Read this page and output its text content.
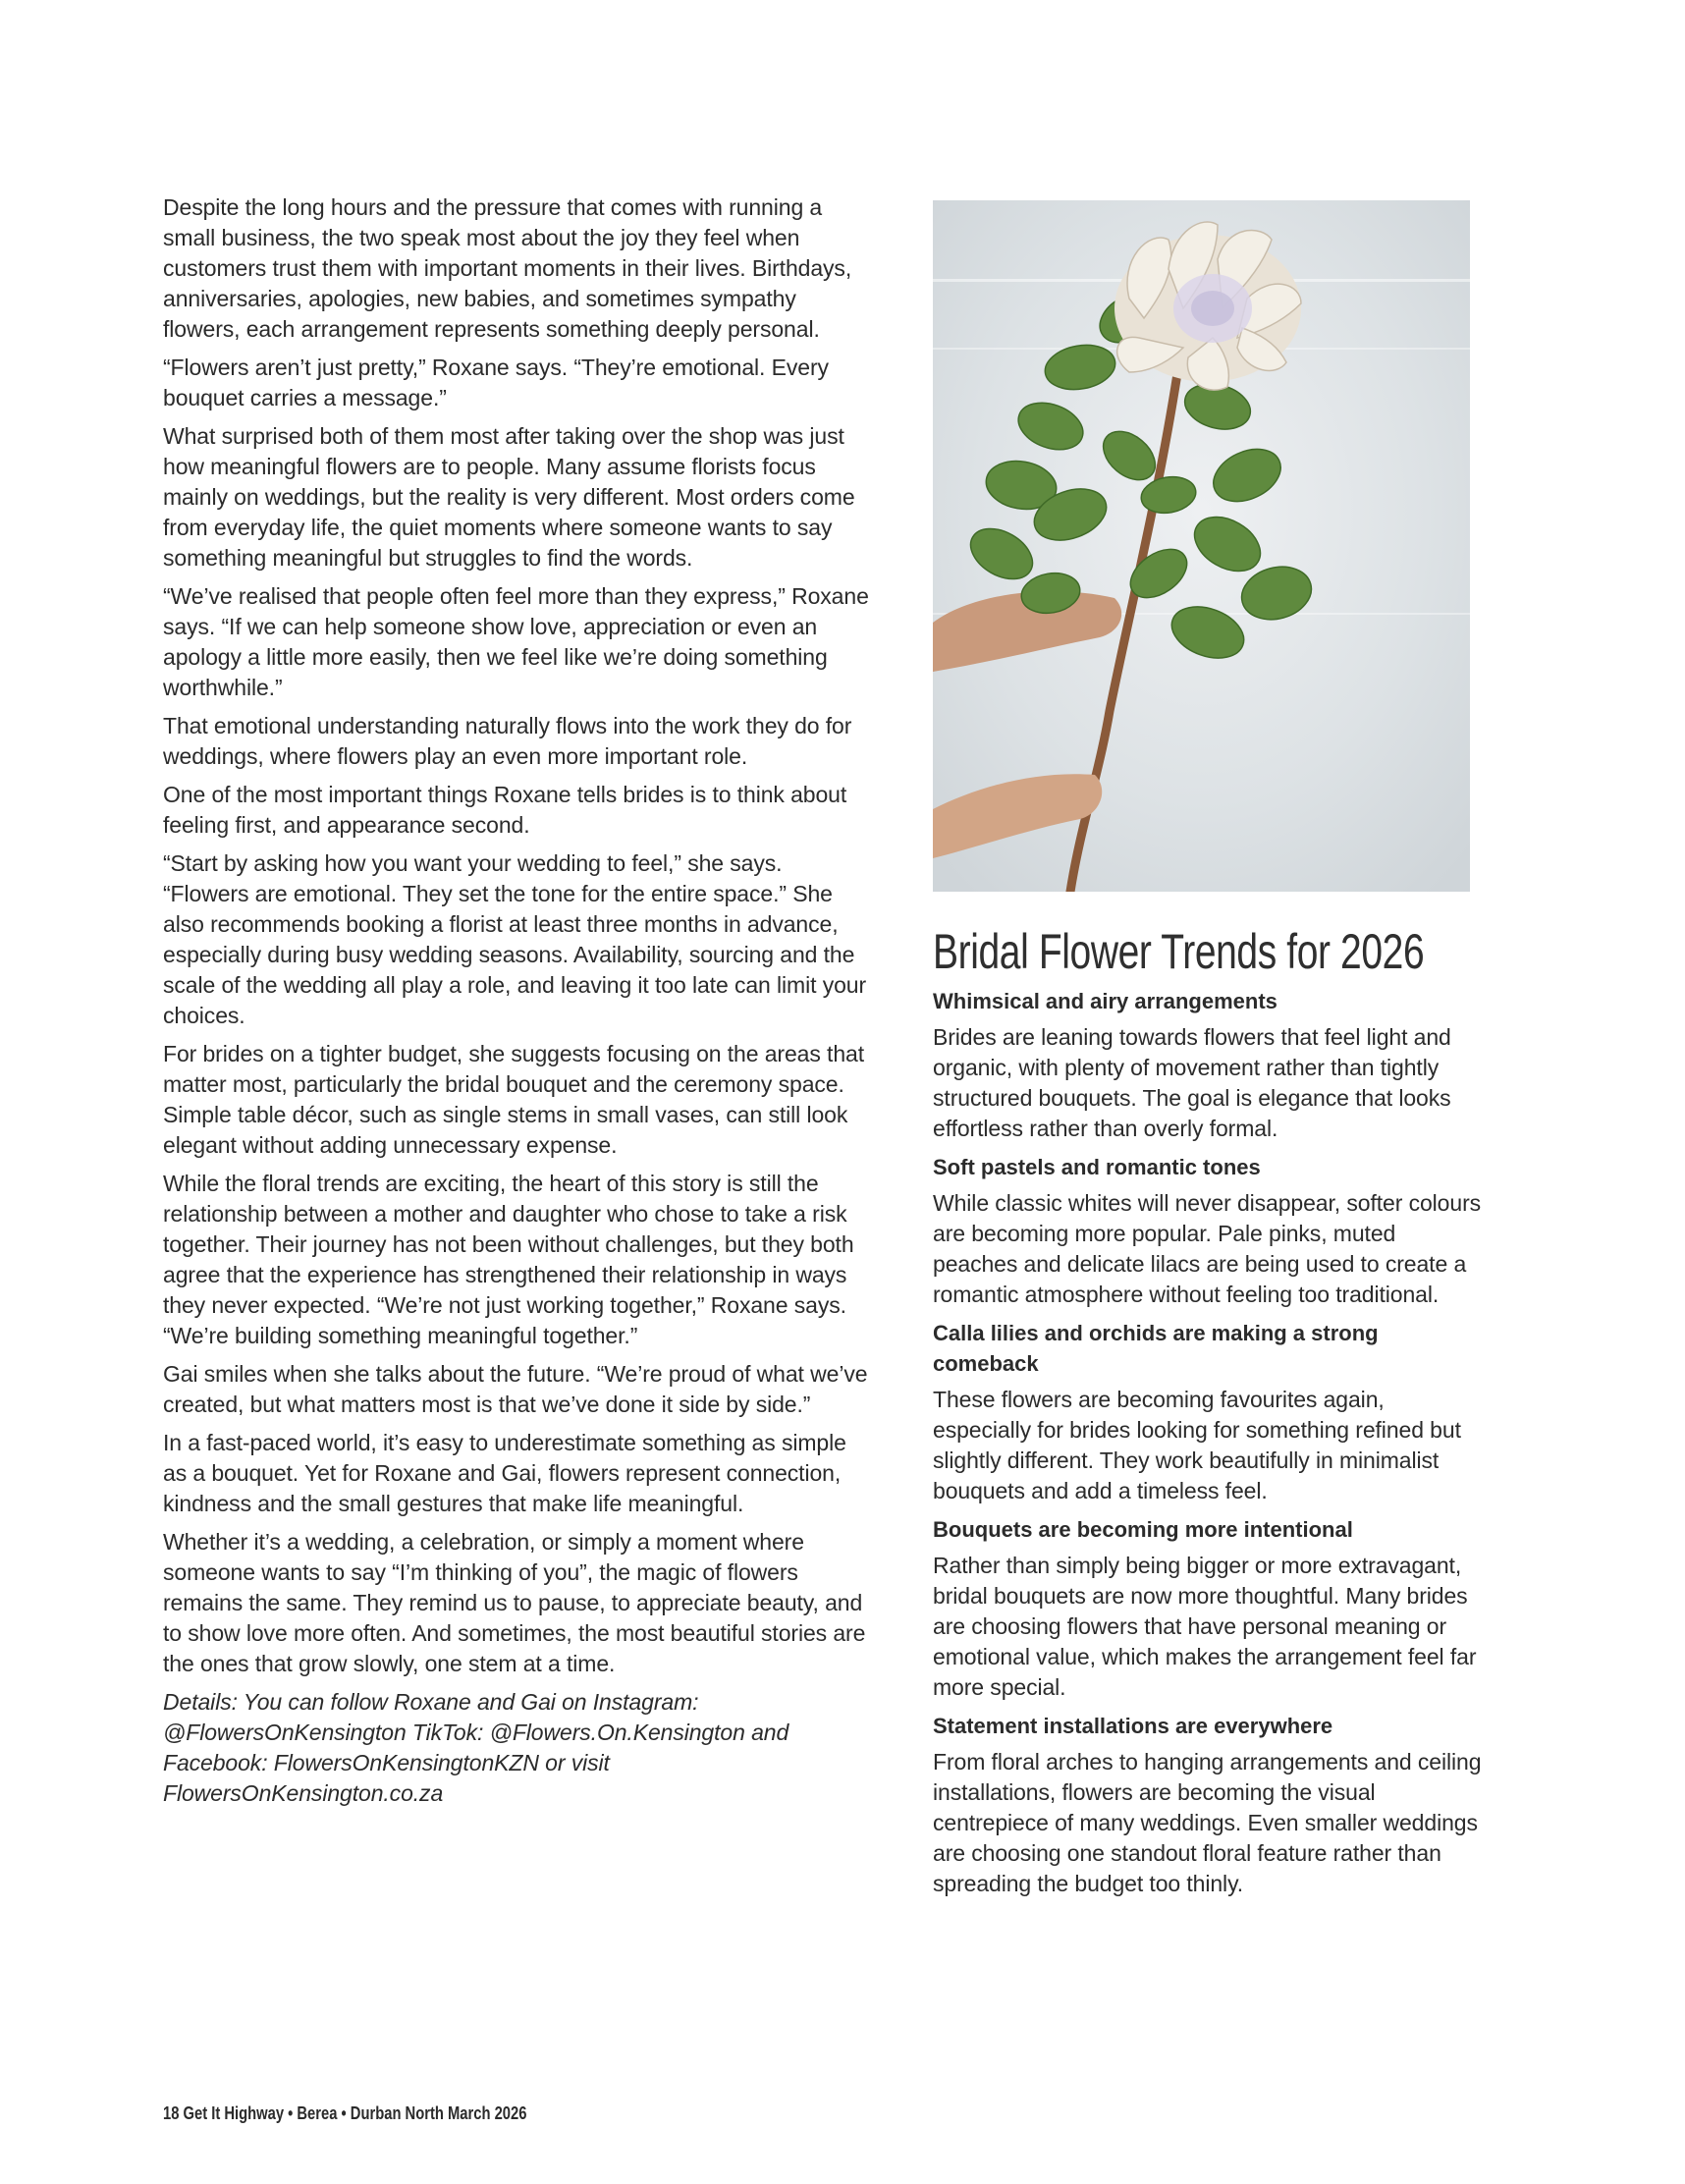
Despite the long hours and the pressure that comes with running a small business, the two speak most about the joy they feel when customers trust them with important moments in their lives. Birthdays, anniversaries, apologies, new babies, and sometimes sympathy flowers, each arrangement represents something deeply personal.

“Flowers aren’t just pretty,” Roxane says. “They’re emotional. Every bouquet carries a message.”

What surprised both of them most after taking over the shop was just how meaningful flowers are to people. Many assume florists focus mainly on weddings, but the reality is very different. Most orders come from everyday life, the quiet moments where someone wants to say something meaningful but struggles to find the words.

“We’ve realised that people often feel more than they express,” Roxane says. “If we can help someone show love, appreciation or even an apology a little more easily, then we feel like we’re doing something worthwhile.”

That emotional understanding naturally flows into the work they do for weddings, where flowers play an even more important role.

One of the most important things Roxane tells brides is to think about feeling first, and appearance second.

“Start by asking how you want your wedding to feel,” she says. “Flowers are emotional. They set the tone for the entire space.” She also recommends booking a florist at least three months in advance, especially during busy wedding seasons. Availability, sourcing and the scale of the wedding all play a role, and leaving it too late can limit your choices.

For brides on a tighter budget, she suggests focusing on the areas that matter most, particularly the bridal bouquet and the ceremony space. Simple table décor, such as single stems in small vases, can still look elegant without adding unnecessary expense.

While the floral trends are exciting, the heart of this story is still the relationship between a mother and daughter who chose to take a risk together. Their journey has not been without challenges, but they both agree that the experience has strengthened their relationship in ways they never expected. “We’re not just working together,” Roxane says. “We’re building something meaningful together.”

Gai smiles when she talks about the future. “We’re proud of what we’ve created, but what matters most is that we’ve done it side by side.”

In a fast-paced world, it’s easy to underestimate something as simple as a bouquet. Yet for Roxane and Gai, flowers represent connection, kindness and the small gestures that make life meaningful.

Whether it’s a wedding, a celebration, or simply a moment where someone wants to say “I’m thinking of you”, the magic of flowers remains the same. They remind us to pause, to appreciate beauty, and to show love more often. And sometimes, the most beautiful stories are the ones that grow slowly, one stem at a time.

Details: You can follow Roxane and Gai on Instagram: @FlowersOnKensington TikTok: @Flowers.On.Kensington and Facebook: FlowersOnKensingtonKZN or visit FlowersOnKensington.co.za

Bridal Flower Trends for 2026
Whimsical and airy arrangements

Brides are leaning towards flowers that feel light and organic, with plenty of movement rather than tightly structured bouquets. The goal is elegance that looks effortless rather than overly formal.

Soft pastels and romantic tones

While classic whites will never disappear, softer colours are becoming more popular. Pale pinks, muted peaches and delicate lilacs are being used to create a romantic atmosphere without feeling too traditional.

Calla lilies and orchids are making a strong comeback

These flowers are becoming favourites again, especially for brides looking for something refined but slightly different. They work beautifully in minimalist bouquets and add a timeless feel.

Bouquets are becoming more intentional

Rather than simply being bigger or more extravagant, bridal bouquets are now more thoughtful. Many brides are choosing flowers that have personal meaning or emotional value, which makes the arrangement feel far more special.

Statement installations are everywhere

From floral arches to hanging arrangements and ceiling installations, flowers are becoming the visual centrepiece of many weddings. Even smaller weddings are choosing one standout floral feature rather than spreading the budget too thinly.

18 Get It Highway • Berea • Durban North March 2026
